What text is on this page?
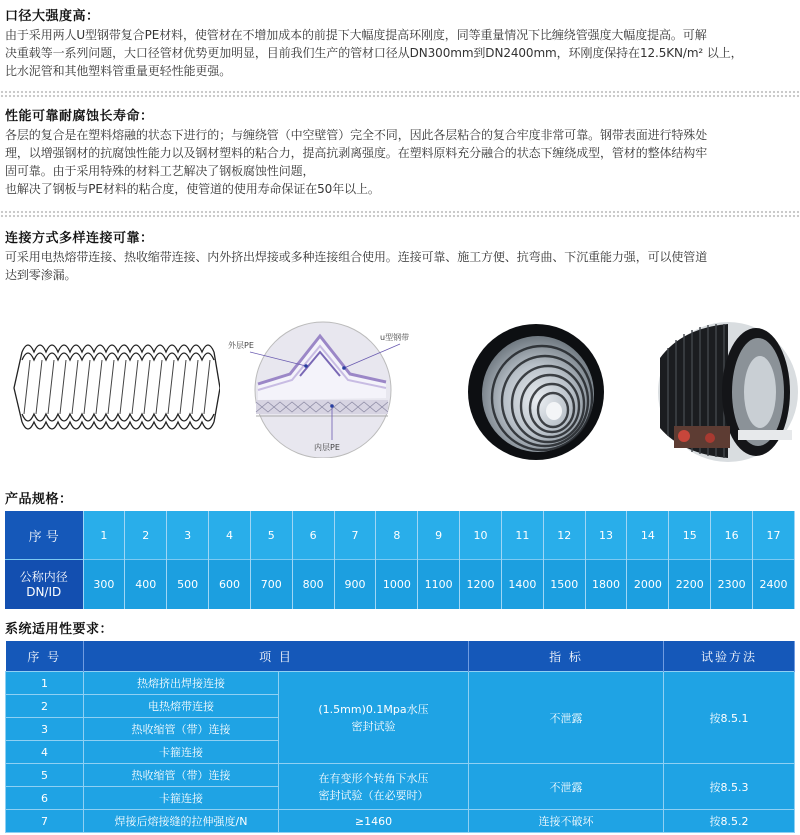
口径大强度高：

由于采用两人U型钢带复合PE材料，使管材在不增加成本的前提下大幅度提高环刚度，同等重量情况下比缠绕管强度大幅度提高。可解

决重载等一系列问题，大口径管材优势更加明显，目前我们生产的管材口径从DN300mm到DN2400mm，环刚度保持在12.5KN/m² 以上，

比水泥管和其他塑料管重量更轻性能更强。

性能可靠耐腐蚀长寿命：

各层的复合是在塑料熔融的状态下进行的；与缠绕管（中空壁管）完全不同，因此各层粘合的复合牢度非常可靠。钢带表面进行特殊处

理，以增强钢材的抗腐蚀性能力以及钢材塑料的粘合力，提高抗剥离强度。在塑料原料充分融合的状态下缠绕成型，管材的整体结构牢

固可靠。由于采用特殊的材料工艺解决了钢板腐蚀性问题，

也解决了钢板与PE材料的粘合度，使管道的使用寿命保证在50年以上。

连接方式多样连接可靠：

可采用电热熔带连接、热收缩带连接、内外挤出焊接或多种连接组合使用。连接可靠、施工方便、抗弯曲、下沉重能力强，可以使管道

达到零渗漏。

外层PE
u型钢带
内层PE
产品规格：
序 号	1	2	3	4	5	6	7	8	9	10	11	12	13	14	15	16	17

公称内径
DN/ID	300	400	500	600	700	800	900	1000	1100	1200	1400	1500	1800	2000	2200	2300	2400
系统适用性要求：
序 号	项 目		指 标	试验方法
1	热熔挤出焊接连接	(1.5mm)0.1Mpa水压
密封试验	不泄露	按8.5.1
2	电热熔带连接			
3	热收缩管（带）连接			
4	卡箍连接			
5	热收缩管（带）连接	在有变形个转角下水压
密封试验（在必要时）	不泄露	按8.5.3
6	卡箍连接			
7	焊接后熔接缝的拉伸强度/N	≥1460	连接不破坏	按8.5.2
